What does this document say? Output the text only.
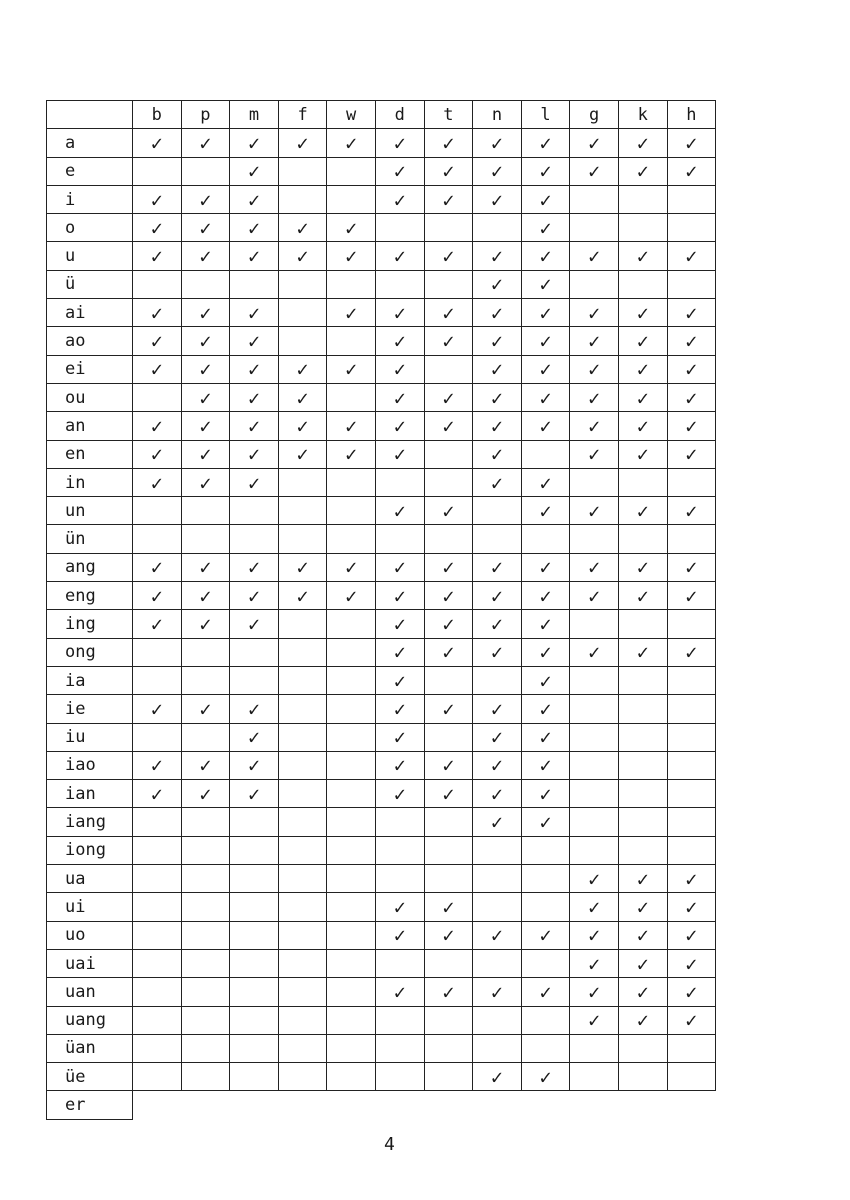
	b	p	m	f	w	d	t	n	l	g	k	h
a	✓	✓	✓	✓	✓	✓	✓	✓	✓	✓	✓	✓
e			✓			✓	✓	✓	✓	✓	✓	✓
i	✓	✓	✓			✓	✓	✓	✓			
o	✓	✓	✓	✓	✓				✓			
u	✓	✓	✓	✓	✓	✓	✓	✓	✓	✓	✓	✓
ü								✓	✓			
ai	✓	✓	✓		✓	✓	✓	✓	✓	✓	✓	✓
ao	✓	✓	✓			✓	✓	✓	✓	✓	✓	✓
ei	✓	✓	✓	✓	✓	✓		✓	✓	✓	✓	✓
ou		✓	✓	✓		✓	✓	✓	✓	✓	✓	✓
an	✓	✓	✓	✓	✓	✓	✓	✓	✓	✓	✓	✓
en	✓	✓	✓	✓	✓	✓		✓		✓	✓	✓
in	✓	✓	✓					✓	✓			
un						✓	✓		✓	✓	✓	✓
ün												
ang	✓	✓	✓	✓	✓	✓	✓	✓	✓	✓	✓	✓
eng	✓	✓	✓	✓	✓	✓	✓	✓	✓	✓	✓	✓
ing	✓	✓	✓			✓	✓	✓	✓			
ong						✓	✓	✓	✓	✓	✓	✓
ia						✓			✓			
ie	✓	✓	✓			✓	✓	✓	✓			
iu			✓			✓		✓	✓			
iao	✓	✓	✓			✓	✓	✓	✓			
ian	✓	✓	✓			✓	✓	✓	✓			
iang								✓	✓			
iong												
ua										✓	✓	✓
ui						✓	✓			✓	✓	✓
uo						✓	✓	✓	✓	✓	✓	✓
uai										✓	✓	✓
uan						✓	✓	✓	✓	✓	✓	✓
uang										✓	✓	✓
üan												
üe								✓	✓			
er												
4
